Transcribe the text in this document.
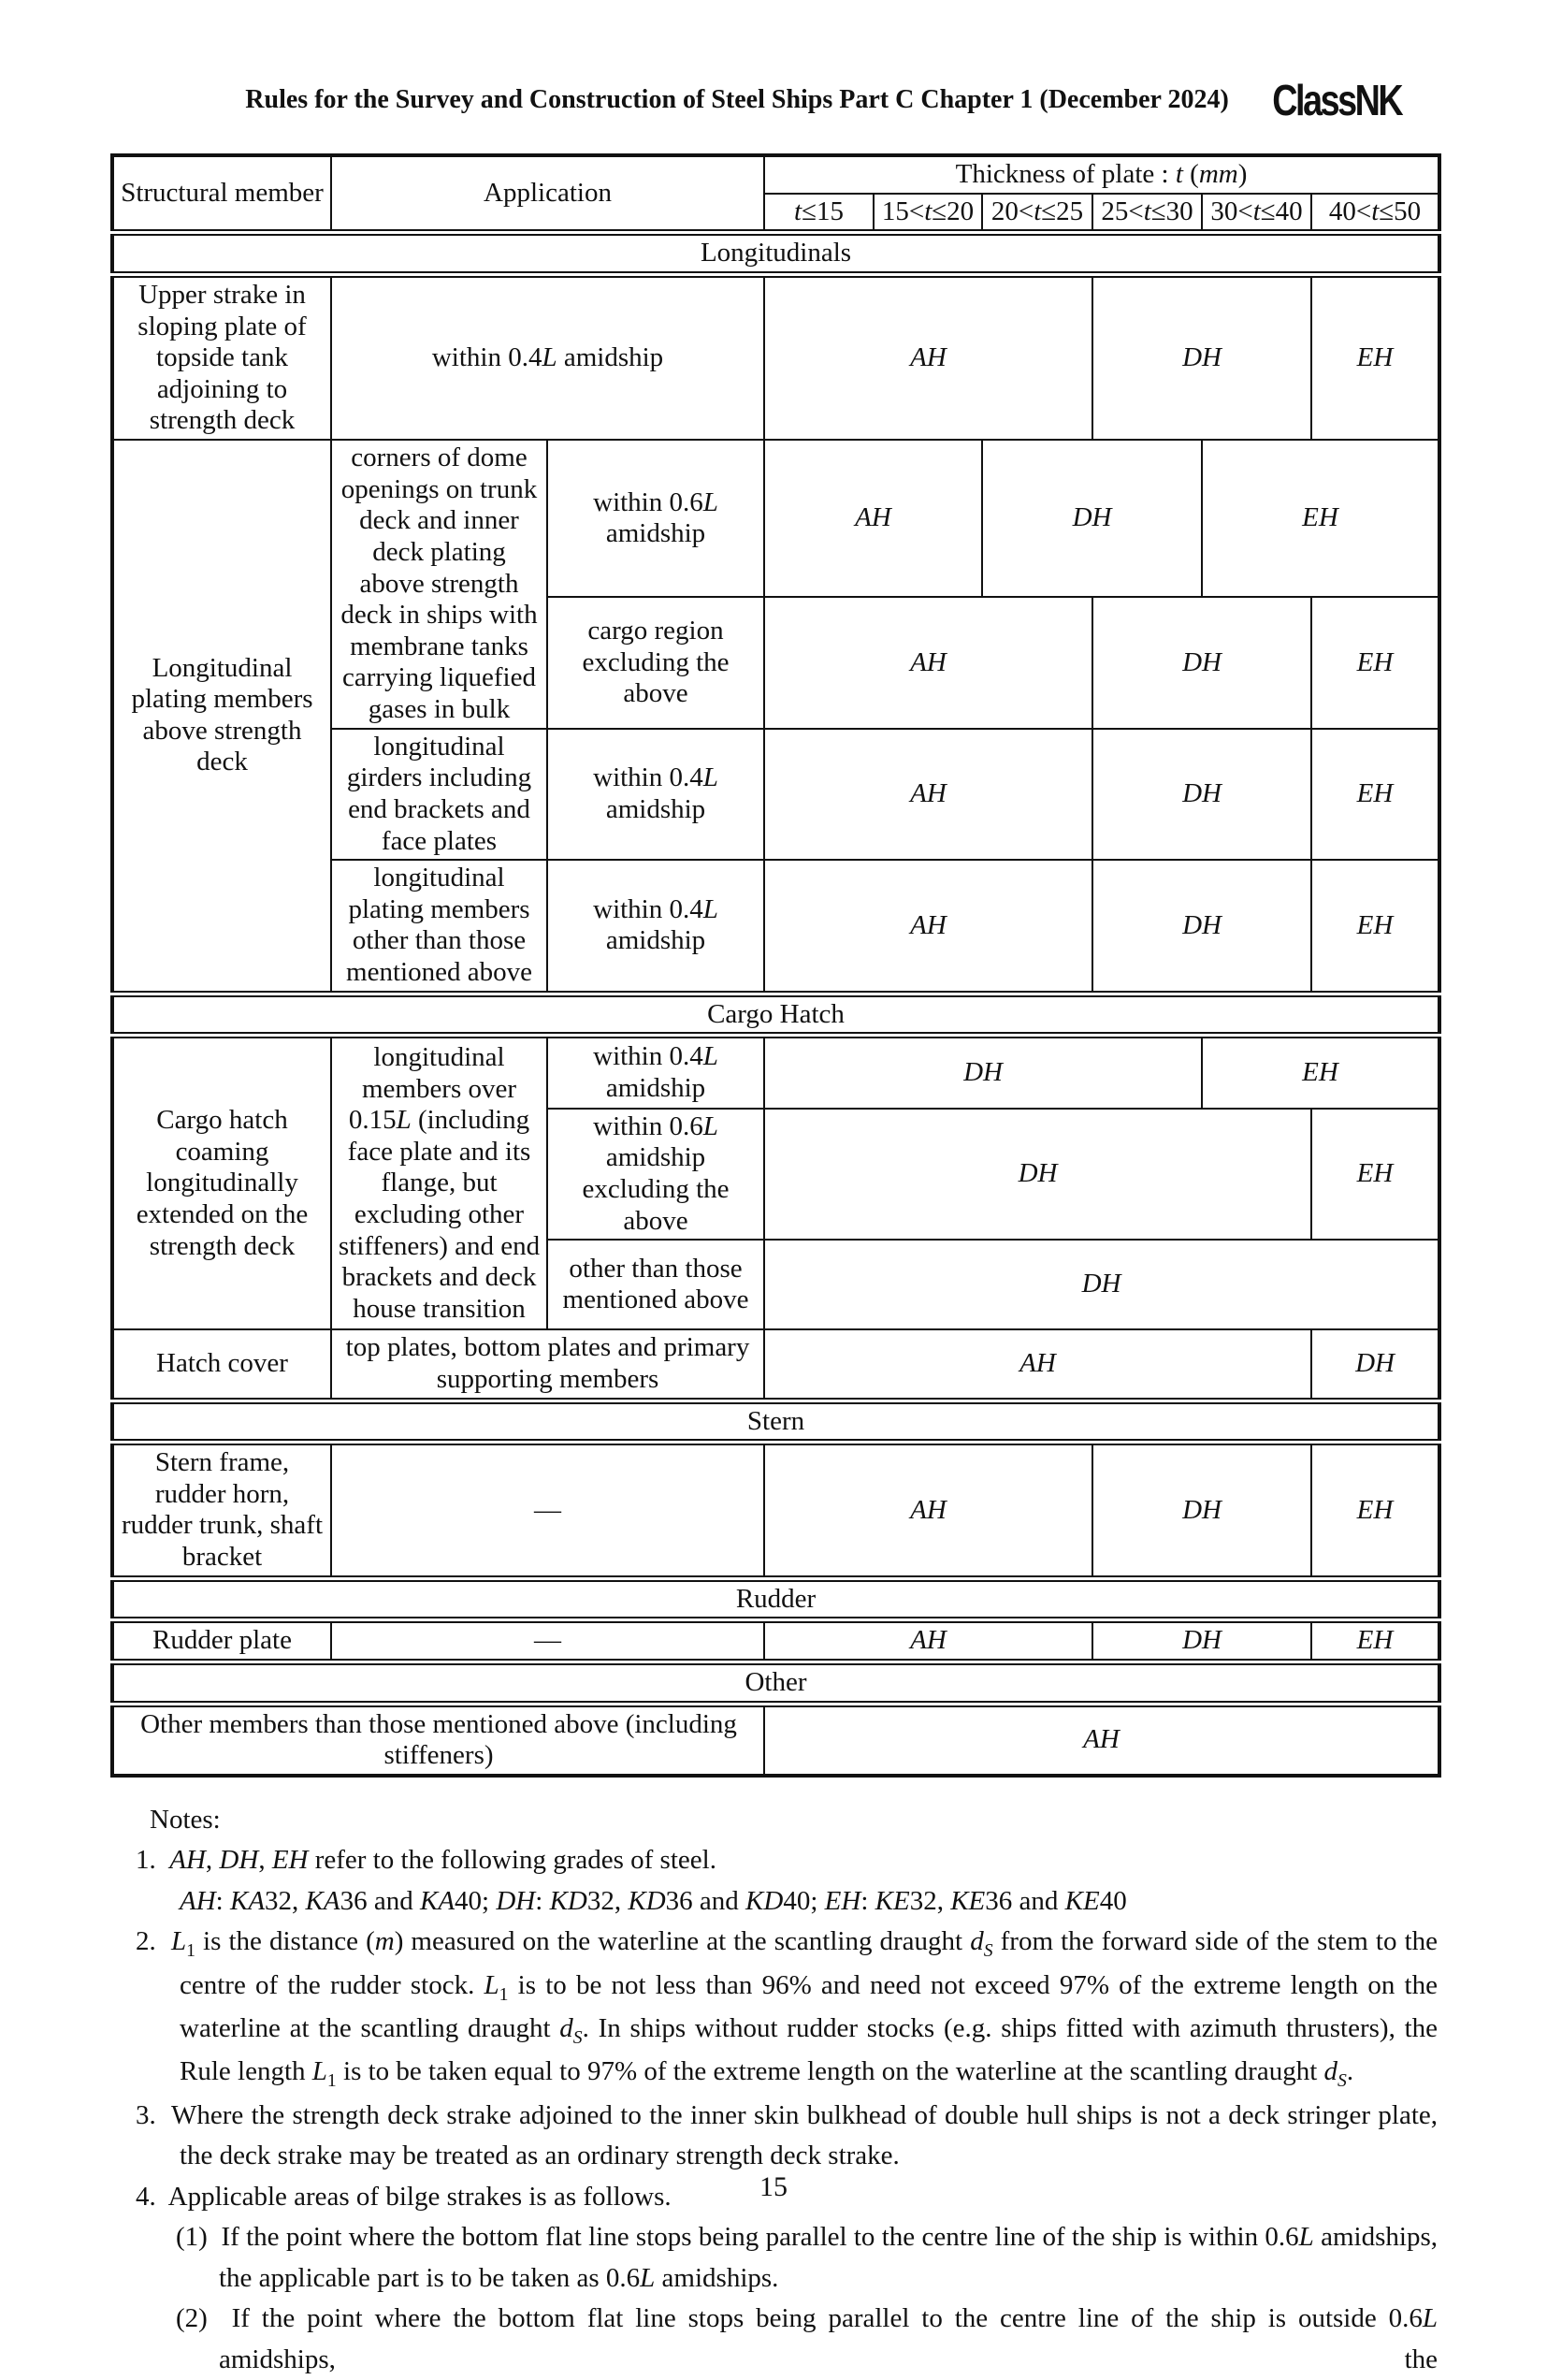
Rules for the Survey and Construction of Steel Ships Part C Chapter 1 (December 2024) ClassNK
Structural member	Application		Thickness of plate : t (mm)					
			t≤15	15<t≤20	20<t≤25	25<t≤30	30<t≤40	40<t≤50
Longitudinals								
Upper strake in sloping plate of topside tank adjoining to strength deck	within 0.4L amidship		AH			DH		EH
Longitudinal plating members above strength deck	corners of dome openings on trunk deck and inner deck plating above strength deck in ships with membrane tanks carrying liquefied gases in bulk	within 0.6L amidship	AH		DH		EH	
		cargo region excluding the above	AH			DH		EH
	longitudinal girders including end brackets and face plates	within 0.4L amidship	AH			DH		EH
	longitudinal plating members other than those mentioned above	within 0.4L amidship	AH			DH		EH
Cargo Hatch								
Cargo hatch coaming longitudinally extended on the strength deck	longitudinal members over 0.15L (including face plate and its flange, but excluding other stiffeners) and end brackets and deck house transition	within 0.4L amidship	DH				EH	
		within 0.6L amidship excluding the above	DH					EH
		other than those mentioned above	DH					
Hatch cover	top plates, bottom plates and primary supporting members		AH					DH
Stern								
Stern frame, rudder horn, rudder trunk, shaft bracket	—		AH			DH		EH
Rudder								
Rudder plate	—		AH			DH		EH
Other								
Other members than those mentioned above (including stiffeners)			AH					
Notes:
1.  AH, DH, EH refer to the following grades of steel.
AH: KA32, KA36 and KA40; DH: KD32, KD36 and KD40; EH: KE32, KE36 and KE40
2.  $L_1$ is the distance (m) measured on the waterline at the scantling draught $d_S$ from the forward side of the stem to the centre of the rudder stock. $L_1$ is to be not less than 96% and need not exceed 97% of the extreme length on the waterline at the scantling draught $d_S$. In ships without rudder stocks (e.g. ships fitted with azimuth thrusters), the Rule length $L_1$ is to be taken equal to 97% of the extreme length on the waterline at the scantling draught $d_S$.
3.  Where the strength deck strake adjoined to the inner skin bulkhead of double hull ships is not a deck stringer plate, the deck strake may be treated as an ordinary strength deck strake.
4.  Applicable areas of bilge strakes is as follows.
(1)  If the point where the bottom flat line stops being parallel to the centre line of the ship is within 0.6L amidships, the applicable part is to be taken as 0.6L amidships.
(2)  If the point where the bottom flat line stops being parallel to the centre line of the ship is outside 0.6L amidships, the
15
